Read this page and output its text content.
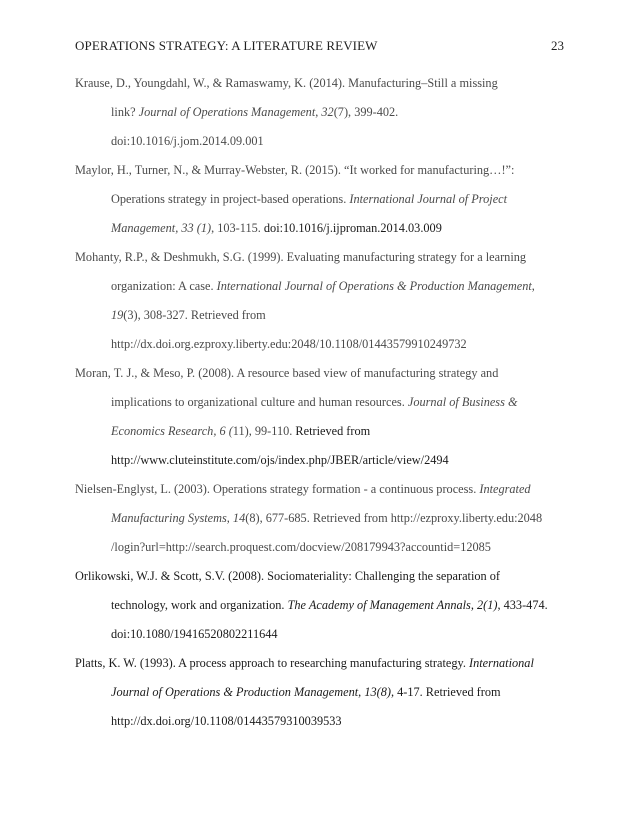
OPERATIONS STRATEGY: A LITERATURE REVIEW	23
Krause, D., Youngdahl, W., & Ramaswamy, K. (2014). Manufacturing–Still a missing
link? Journal of Operations Management, 32(7), 399-402.
doi:10.1016/j.jom.2014.09.001
Maylor, H., Turner, N., & Murray-Webster, R. (2015). “It worked for manufacturing…!”:
Operations strategy in project-based operations. International Journal of Project
Management, 33 (1), 103-115. doi:10.1016/j.ijproman.2014.03.009
Mohanty, R.P., & Deshmukh, S.G. (1999). Evaluating manufacturing strategy for a learning
organization: A case. International Journal of Operations & Production Management,
19(3), 308-327. Retrieved from
http://dx.doi.org.ezproxy.liberty.edu:2048/10.1108/01443579910249732
Moran, T. J., & Meso, P. (2008). A resource based view of manufacturing strategy and
implications to organizational culture and human resources. Journal of Business &
Economics Research, 6 (11), 99-110. Retrieved from
http://www.cluteinstitute.com/ojs/index.php/JBER/article/view/2494
Nielsen-Englyst, L. (2003). Operations strategy formation - a continuous process. Integrated
Manufacturing Systems, 14(8), 677-685. Retrieved from http://ezproxy.liberty.edu:2048
/login?url=http://search.proquest.com/docview/208179943?accountid=12085
Orlikowski, W.J. & Scott, S.V. (2008). Sociomateriality: Challenging the separation of
technology, work and organization. The Academy of Management Annals, 2(1), 433-474.
doi:10.1080/19416520802211644
Platts, K. W. (1993). A process approach to researching manufacturing strategy. International
Journal of Operations & Production Management, 13(8), 4-17. Retrieved from
http://dx.doi.org/10.1108/01443579310039533
